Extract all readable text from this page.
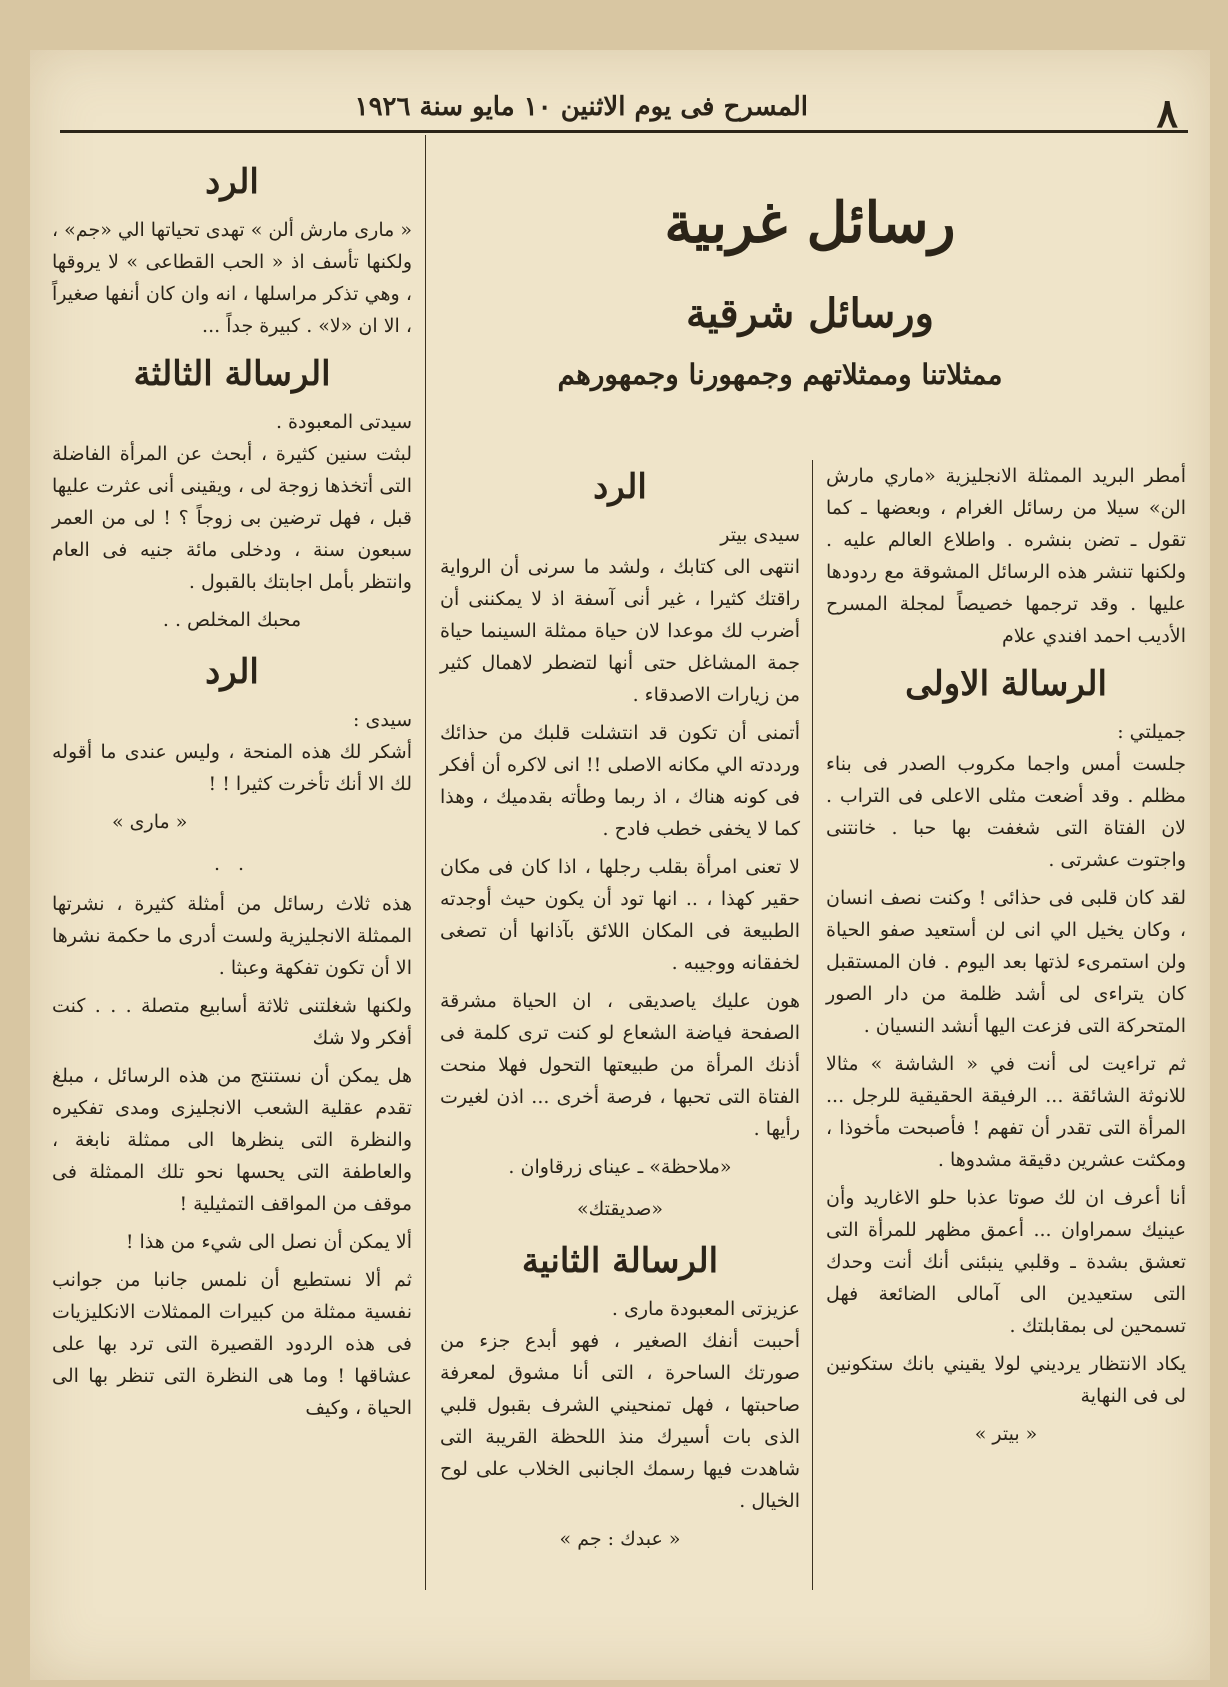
٨
المسرح فى يوم الاثنين ١٠ مايو سنة ١٩٢٦
رسائل غربية
ورسائل شرقية
ممثلاتنا وممثلاتهم وجمهورنا وجمهورهم

أمطر البريد الممثلة الانجليزية «ماري مارش الن» سيلا من رسائل الغرام ، وبعضها ـ كما تقول ـ تضن بنشره . واطلاع العالم عليه . ولكنها تنشر هذه الرسائل المشوقة مع ردودها عليها . وقد ترجمها خصيصاً لمجلة المسرح الأديب احمد افندي علام

الرسالة الاولى

جميلتي :

جلست أمس واجما مكروب الصدر فى بناء مظلم . وقد أضعت مثلى الاعلى فى التراب . لان الفتاة التى شغفت بها حبا . خانتنى واجتوت عشرتى .

لقد كان قلبى فى حذائى ! وكنت نصف انسان ، وكان يخيل الي انى لن أستعيد صفو الحياة ولن استمرىء لذتها بعد اليوم . فان المستقبل كان يتراءى لى أشد ظلمة من دار الصور المتحركة التى فزعت اليها أنشد النسيان .

ثم تراءيت لى أنت في « الشاشة » مثالا للانوثة الشائقة ... الرفيقة الحقيقية للرجل ... المرأة التى تقدر أن تفهم ! فأصبحت مأخوذا ، ومكثت عشرين دقيقة مشدوها .

أنا أعرف ان لك صوتا عذبا حلو الاغاريد وأن عينيك سمراوان ... أعمق مظهر للمرأة التى تعشق بشدة ـ وقلبي ينبئنى أنك أنت وحدك التى ستعيدين الى آمالى الضائعة فهل تسمحين لى بمقابلتك .

يكاد الانتظار يرديني لولا يقيني بانك ستكونين لى فى النهاية

« بيتر »

الرد

سيدى بيتر

انتهى الى كتابك ، ولشد ما سرنى أن الرواية راقتك كثيرا ، غير أنى آسفة اذ لا يمكننى أن أضرب لك موعدا لان حياة ممثلة السينما حياة جمة المشاغل حتى أنها لتضطر لاهمال كثير من زيارات الاصدقاء .

أتمنى أن تكون قد انتشلت قلبك من حذائك ورددته الي مكانه الاصلى !! انى لاكره أن أفكر فى كونه هناك ، اذ ربما وطأته بقدميك ، وهذا كما لا يخفى خطب فادح .

لا تعنى امرأة بقلب رجلها ، اذا كان فى مكان حقير كهذا ، .. انها تود أن يكون حيث أوجدته الطبيعة فى المكان اللائق بآذانها أن تصغى لخفقانه ووجيبه .

هون عليك ياصديقى ، ان الحياة مشرقة الصفحة فياضة الشعاع لو كنت ترى كلمة فى أذنك المرأة من طبيعتها التحول فهلا منحت الفتاة التى تحبها ، فرصة أخرى ... اذن لغيرت رأيها .

«ملاحظة» ـ عيناى زرقاوان .

«صديقتك»

الرسالة الثانية

عزيزتى المعبودة مارى .

أحببت أنفك الصغير ، فهو أبدع جزء من صورتك الساحرة ، التى أنا مشوق لمعرفة صاحبتها ، فهل تمنحيني الشرف بقبول قلبي الذى بات أسيرك منذ اللحظة القريبة التى شاهدت فيها رسمك الجانبى الخلاب على لوح الخيال .

« عبدك : جم »

الرد

« مارى مارش ألن » تهدى تحياتها الي «جم» ، ولكنها تأسف اذ « الحب القطاعى » لا يروقها ، وهي تذكر مراسلها ، انه وان كان أنفها صغيراً ، الا ان «لا» . كبيرة جداً ...

الرسالة الثالثة

سيدتى المعبودة .

لبثت سنين كثيرة ، أبحث عن المرأة الفاضلة التى أتخذها زوجة لى ، ويقينى أنى عثرت عليها قبل ، فهل ترضين بى زوجاً ؟ ! لى من العمر سبعون سنة ، ودخلى مائة جنيه فى العام وانتظر بأمل اجابتك بالقبول .

محبك المخلص . .

الرد

سيدى :

أشكر لك هذه المنحة ، وليس عندى ما أقوله لك الا أنك تأخرت كثيرا ! !

« مارى »

. .

هذه ثلاث رسائل من أمثلة كثيرة ، نشرتها الممثلة الانجليزية ولست أدرى ما حكمة نشرها الا أن تكون تفكهة وعبثا .

ولكنها شغلتنى ثلاثة أسابيع متصلة . . . كنت أفكر ولا شك

هل يمكن أن نستنتج من هذه الرسائل ، مبلغ تقدم عقلية الشعب الانجليزى ومدى تفكيره والنظرة التى ينظرها الى ممثلة نابغة ، والعاطفة التى يحسها نحو تلك الممثلة فى موقف من المواقف التمثيلية !

ألا يمكن أن نصل الى شيء من هذا !

ثم ألا نستطيع أن نلمس جانبا من جوانب نفسية ممثلة من كبيرات الممثلات الانكليزيات فى هذه الردود القصيرة التى ترد بها على عشاقها ! وما هى النظرة التى تنظر بها الى الحياة ، وكيف
